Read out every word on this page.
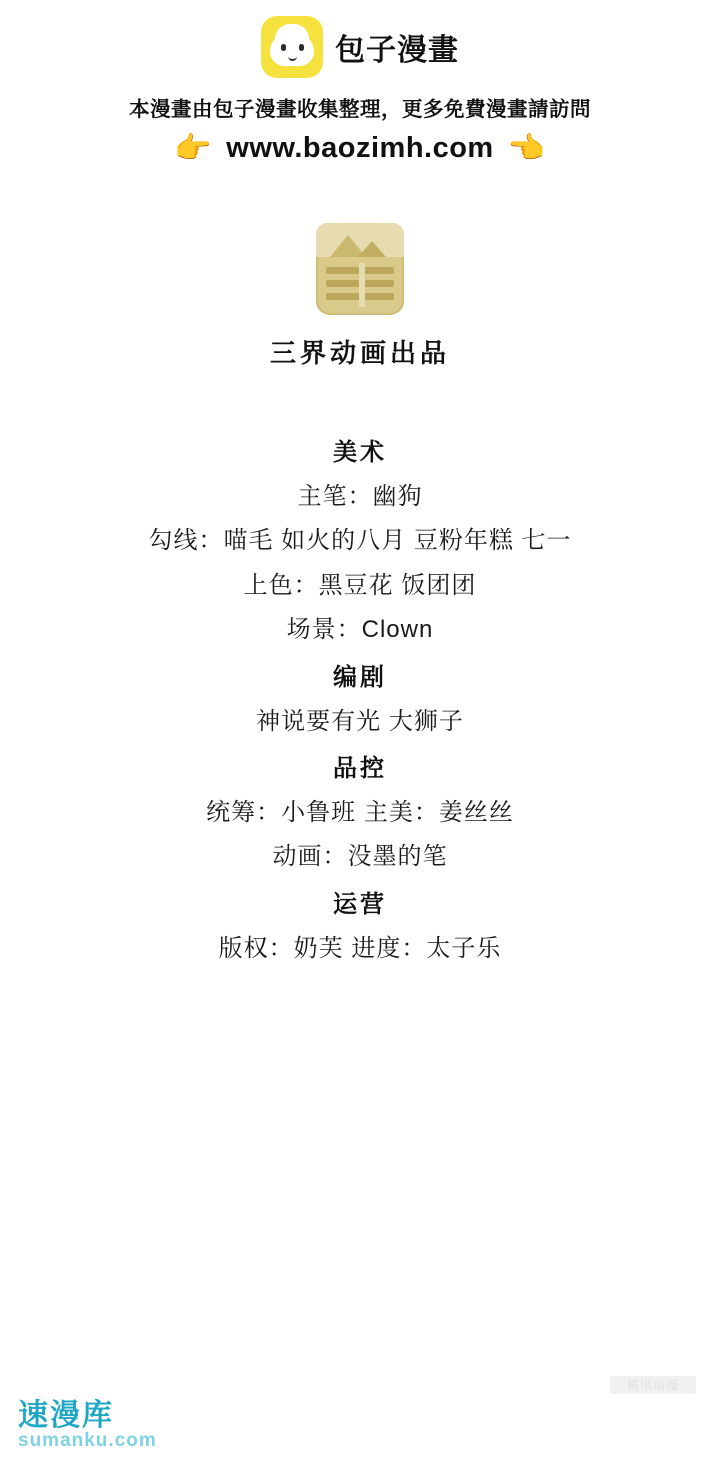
包子漫畫
本漫畫由包子漫畫收集整理，更多免費漫畫請訪問
👉 www.baozimh.com 👈
三界动画出品
美术
主笔：幽狗
勾线：喵毛 如火的八月 豆粉年糕 七一
上色：黑豆花 饭团团
场景：Clown
编剧
神说要有光 大狮子
品控
统筹：小鲁班 主美：姜丝丝
动画：没墨的笔
运营
版权：奶芙 进度：太子乐
腾讯动漫
速漫库
sumanku.com
